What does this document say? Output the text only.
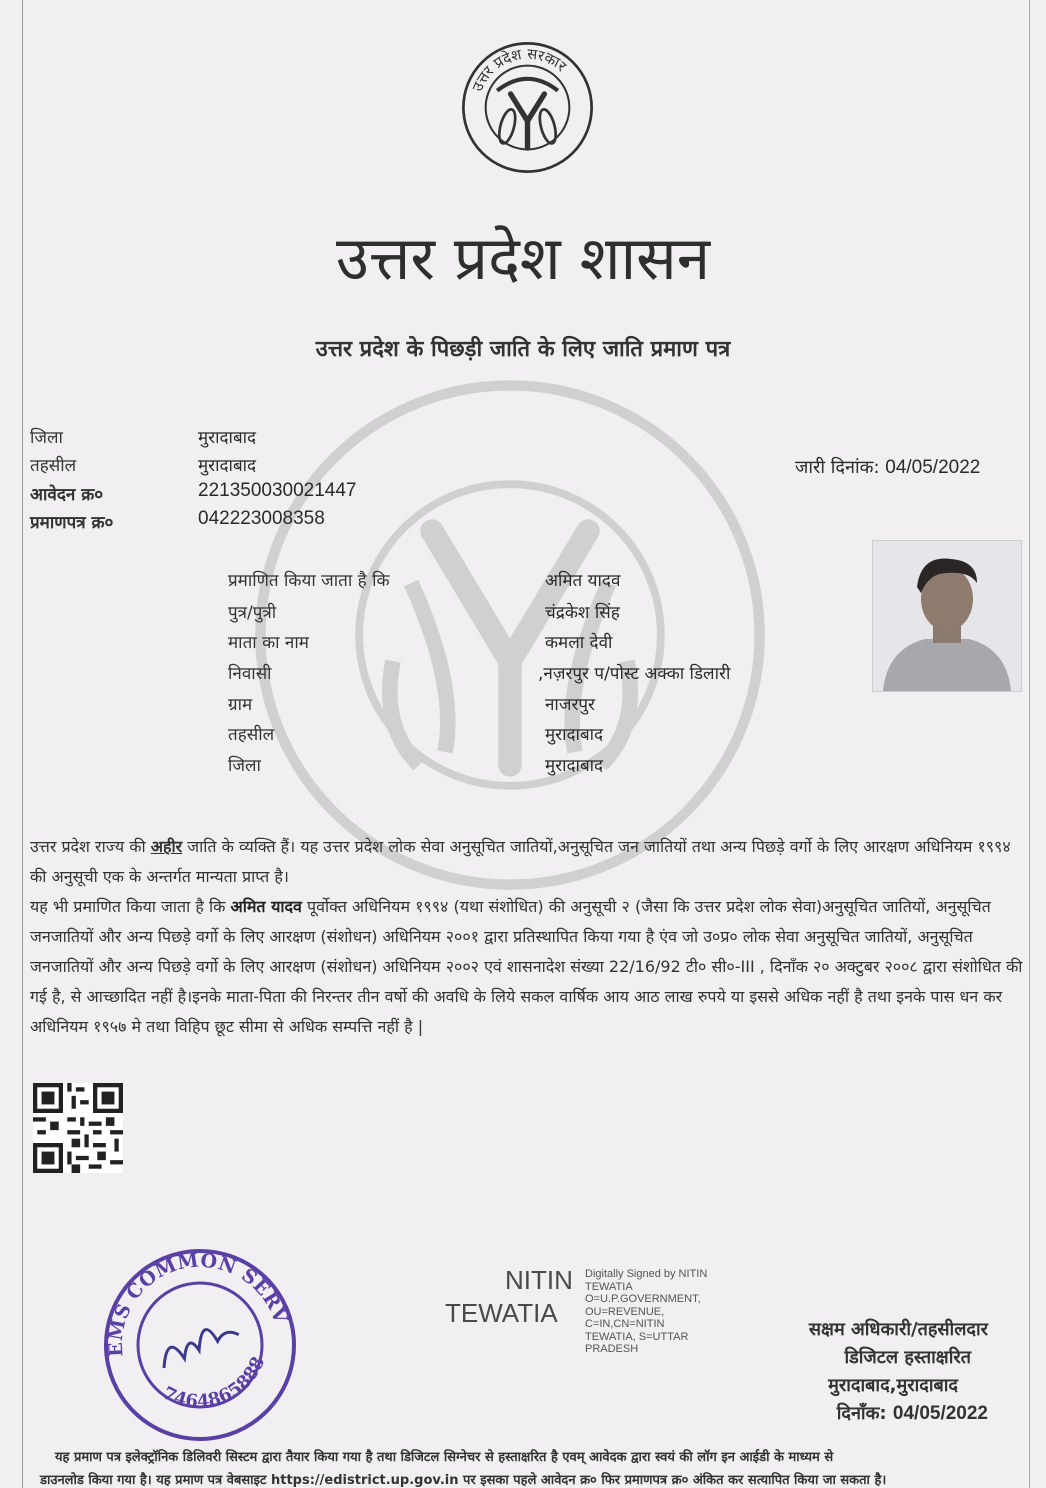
उत्तर प्रदेश सरकार
उत्तर प्रदेश शासन
उत्तर प्रदेश के पिछड़ी जाति के लिए जाति प्रमाण पत्र
जिला	मुरादाबाद
तहसील	मुरादाबाद
आवेदन क्र०	221350030021447
प्रमाणपत्र क्र०	042223008358
जारी दिनांक: 04/05/2022
प्रमाणित किया जाता है कि	अमित यादव
पुत्र/पुत्री	चंद्रकेश सिंह
माता का नाम	कमला देवी
निवासी	,नज़रपुर प/पोस्ट अक्का डिलारी
ग्राम	नाजरपुर
तहसील	मुरादाबाद
जिला	मुरादाबाद
उत्तर प्रदेश राज्य की अहीर जाति के व्यक्ति हैं। यह उत्तर प्रदेश लोक सेवा अनुसूचित जातियों,अनुसूचित जन जातियों तथा अन्य पिछड़े वर्गो के लिए आरक्षण अधिनियम १९९४ की अनुसूची एक के अन्तर्गत मान्यता प्राप्त है।
यह भी प्रमाणित किया जाता है कि अमित यादव पूर्वोक्त अधिनियम १९९४ (यथा संशोधित) की अनुसूची २ (जैसा कि उत्तर प्रदेश लोक सेवा)अनुसूचित जातियों, अनुसूचित जनजातियों और अन्य पिछड़े वर्गो के लिए आरक्षण (संशोधन) अधिनियम २००१ द्वारा प्रतिस्थापित किया गया है एंव जो उ०प्र० लोक सेवा अनुसूचित जातियों, अनुसूचित जनजातियों और अन्य पिछड़े वर्गो के लिए आरक्षण (संशोधन) अधिनियम २००२ एवं शासनादेश संख्या 22/16/92 टी० सी०-III , दिनाँक २० अक्टुबर २००८ द्वारा संशोधित की गई है, से आच्छादित नहीं है।इनके माता-पिता की निरन्तर तीन वर्षो की अवधि के लिये सकल वार्षिक आय आठ लाख रुपये या इससे अधिक नहीं है तथा इनके पास धन कर अधिनियम १९५७ मे तथा विहिप छूट सीमा से अधिक सम्पत्ति नहीं है |
EMS COMMON SERVICE
7464865888
NITIN
TEWATIA
Digitally Signed by NITIN
TEWATIA
O=U.P.GOVERNMENT,
OU=REVENUE,
C=IN,CN=NITIN
TEWATIA, S=UTTAR
PRADESH
सक्षम अधिकारी/तहसीलदार
डिजिटल हस्ताक्षरित
मुरादाबाद,मुरादाबाद
दिनाँक: 04/05/2022
यह प्रमाण पत्र इलेक्ट्रॉनिक डिलिवरी सिस्टम द्वारा तैयार किया गया है तथा डिजिटल सिग्नेचर से हस्ताक्षरित है एवम् आवेदक द्वारा स्वयं की लॉग इन आईडी के माध्यम से
डाउनलोड किया गया है। यह प्रमाण पत्र वेबसाइट https://edistrict.up.gov.in पर इसका पहले आवेदन क्र० फिर प्रमाणपत्र क्र० अंकित कर सत्यापित किया जा सकता है।
